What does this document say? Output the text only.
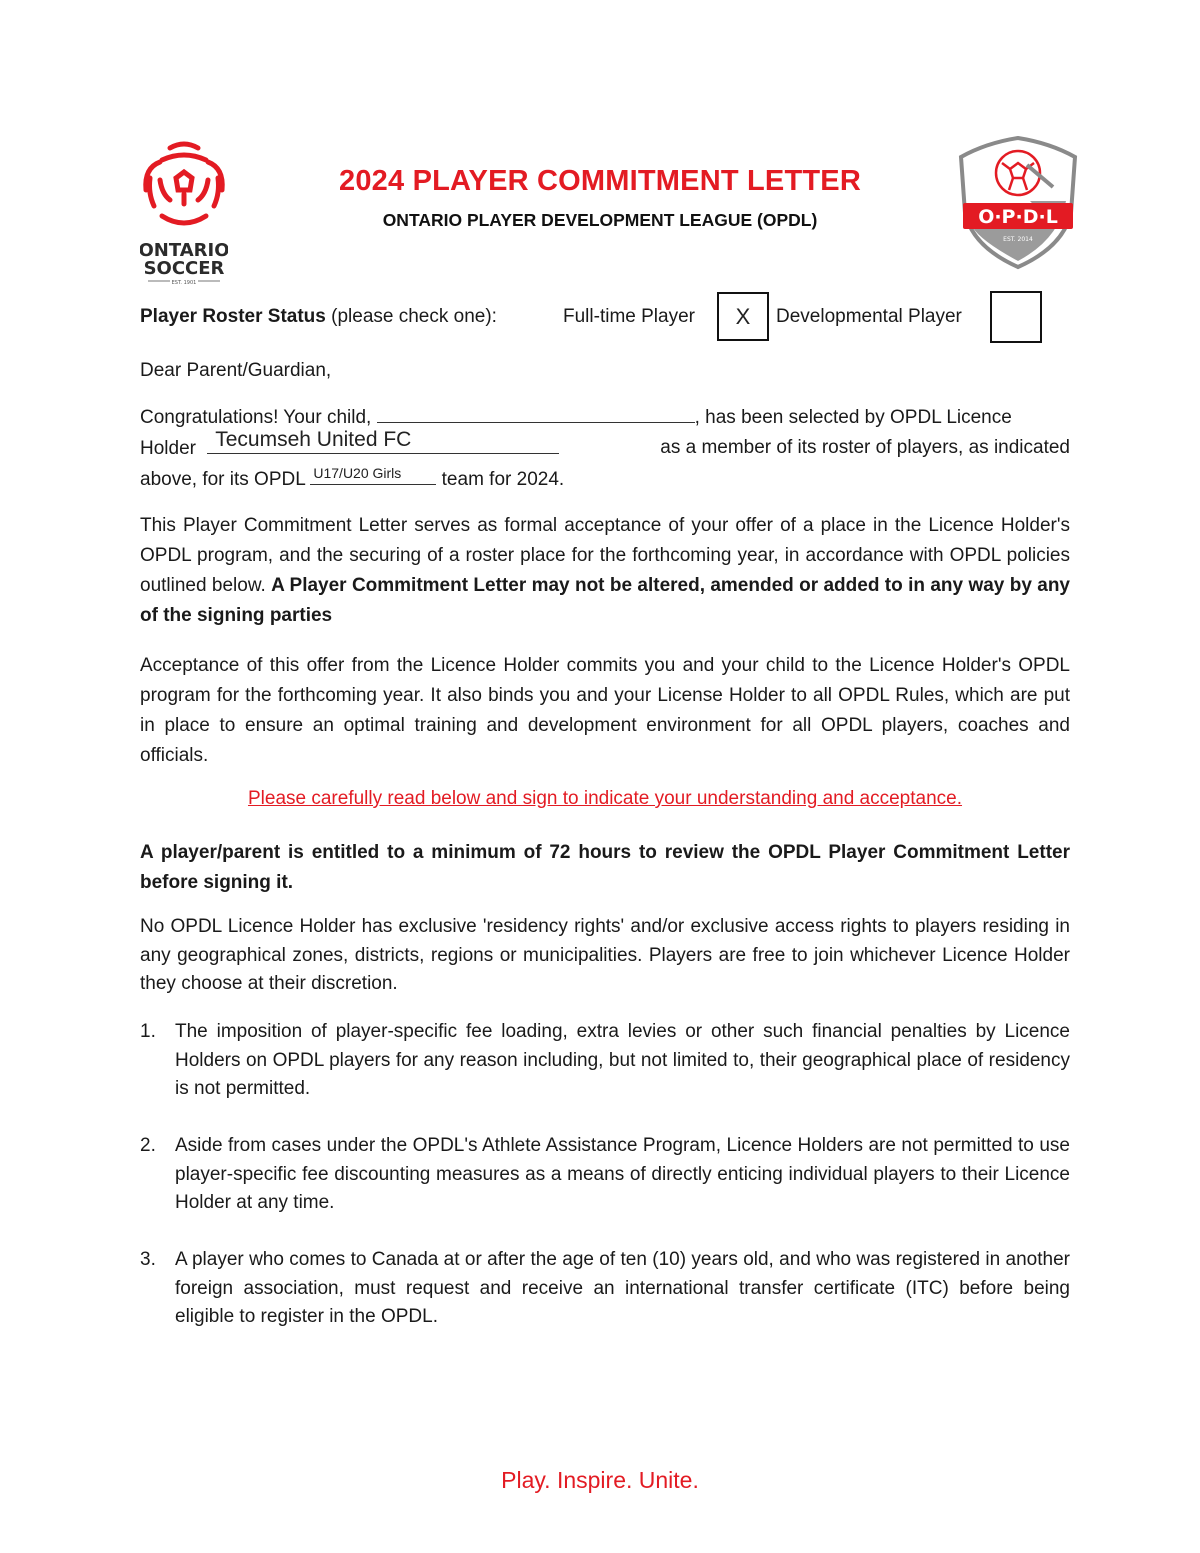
ONTARIO
SOCCER
EST. 1901
2024 PLAYER COMMITMENT LETTER
ONTARIO PLAYER DEVELOPMENT LEAGUE (OPDL)	O·P·D·L
EST. 2014
Player Roster Status (please check one):	Full-time Player X Developmental Player

Dear Parent/Guardian,

Congratulations! Your child,	, has been selected by OPDL Licence
Holder Tecumseh United FC	as a member of its roster of players, as indicated
above, for its OPDL U17/U20 Girls team for 2024.

This Player Commitment Letter serves as formal acceptance of your offer of a place in the Licence Holder's OPDL program, and the securing of a roster place for the forthcoming year, in accordance with OPDL policies outlined below. A Player Commitment Letter may not be altered, amended or added to in any way by any of the signing parties

Acceptance of this offer from the Licence Holder commits you and your child to the Licence Holder's OPDL program for the forthcoming year. It also binds you and your License Holder to all OPDL Rules, which are put in place to ensure an optimal training and development environment for all OPDL players, coaches and officials.

Please carefully read below and sign to indicate your understanding and acceptance.

A player/parent is entitled to a minimum of 72 hours to review the OPDL Player Commitment Letter before signing it.

No OPDL Licence Holder has exclusive 'residency rights' and/or exclusive access rights to players residing in any geographical zones, districts, regions or municipalities. Players are free to join whichever Licence Holder they choose at their discretion.

1. The imposition of player-specific fee loading, extra levies or other such financial penalties by Licence Holders on OPDL players for any reason including, but not limited to, their geographical place of residency is not permitted.
2. Aside from cases under the OPDL's Athlete Assistance Program, Licence Holders are not permitted to use player-specific fee discounting measures as a means of directly enticing individual players to their Licence Holder at any time.
3. A player who comes to Canada at or after the age of ten (10) years old, and who was registered in another foreign association, must request and receive an international transfer certificate (ITC) before being eligible to register in the OPDL.
Play. Inspire. Unite.
